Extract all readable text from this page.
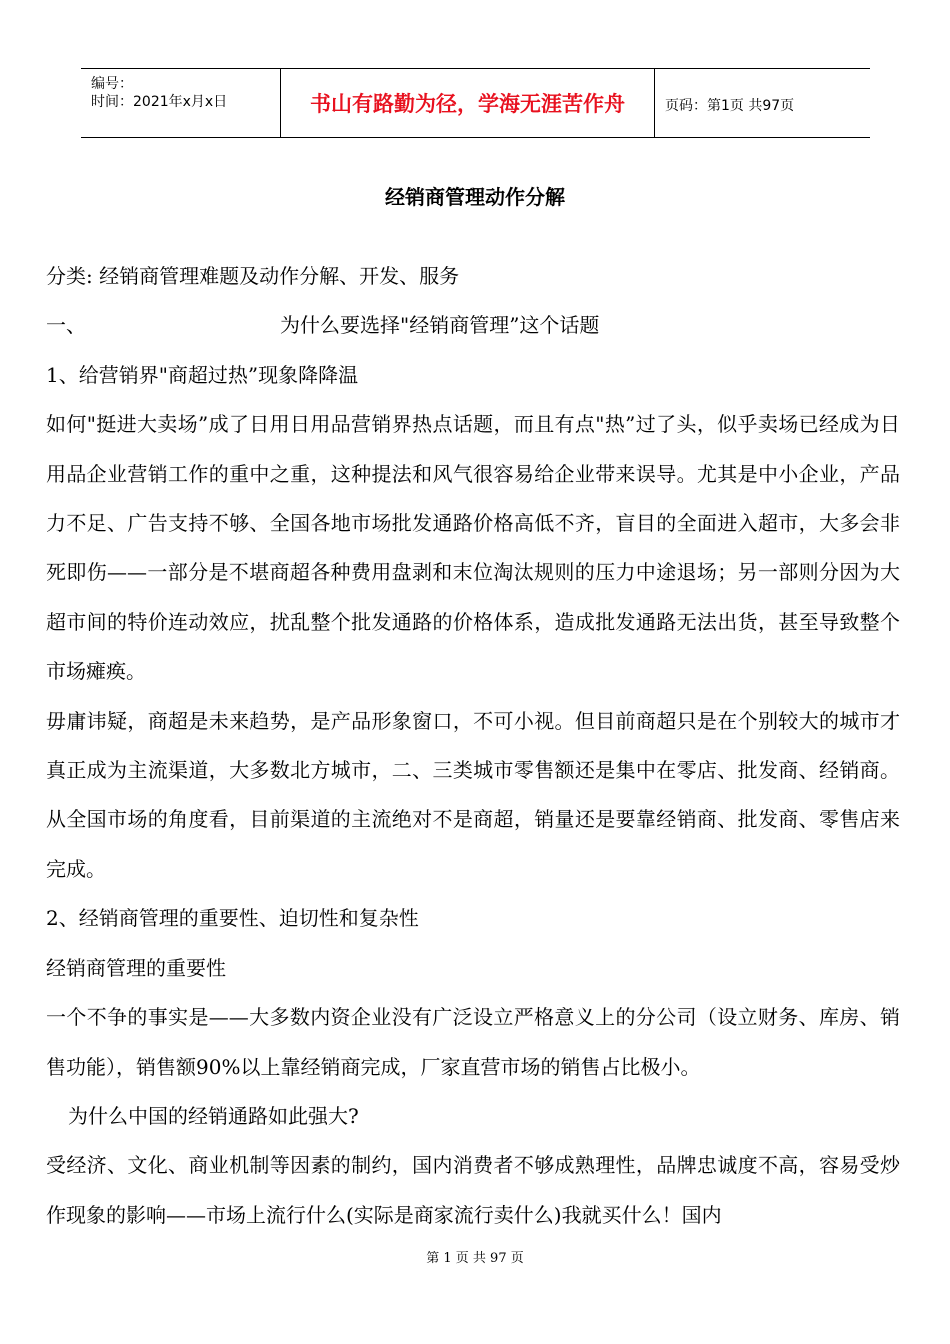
编号：
时间：2021年x月x日	书山有路勤为径，学海无涯苦作舟	页码：第1页 共97页
经销商管理动作分解

分类: 经销商管理难题及动作分解、开发、服务

一、	为什么要选择"经销商管理”这个话题

1、给营销界"商超过热”现象降降温

如何"挺进大卖场”成了日用日用品营销界热点话题，而且有点"热”过了头，似乎卖场已经成为日用品企业营销工作的重中之重，这种提法和风气很容易给企业带来误导。尤其是中小企业，产品力不足、广告支持不够、全国各地市场批发通路价格高低不齐，盲目的全面进入超市，大多会非死即伤——一部分是不堪商超各种费用盘剥和末位淘汰规则的压力中途退场；另一部则分因为大超市间的特价连动效应，扰乱整个批发通路的价格体系，造成批发通路无法出货，甚至导致整个市场瘫痪。

毋庸讳疑，商超是未来趋势，是产品形象窗口，不可小视。但目前商超只是在个别较大的城市才真正成为主流渠道，大多数北方城市，二、三类城市零售额还是集中在零店、批发商、经销商。从全国市场的角度看，目前渠道的主流绝对不是商超，销量还是要靠经销商、批发商、零售店来完成。

2、经销商管理的重要性、迫切性和复杂性

经销商管理的重要性

一个不争的事实是——大多数内资企业没有广泛设立严格意义上的分公司（设立财务、库房、销售功能），销售额90%以上靠经销商完成，厂家直营市场的销售占比极小。

为什么中国的经销通路如此强大?

受经济、文化、商业机制等因素的制约，国内消费者不够成熟理性，品牌忠诚度不高，容易受炒作现象的影响——市场上流行什么(实际是商家流行卖什么)我就买什么！国内

第 1 页 共 97 页
